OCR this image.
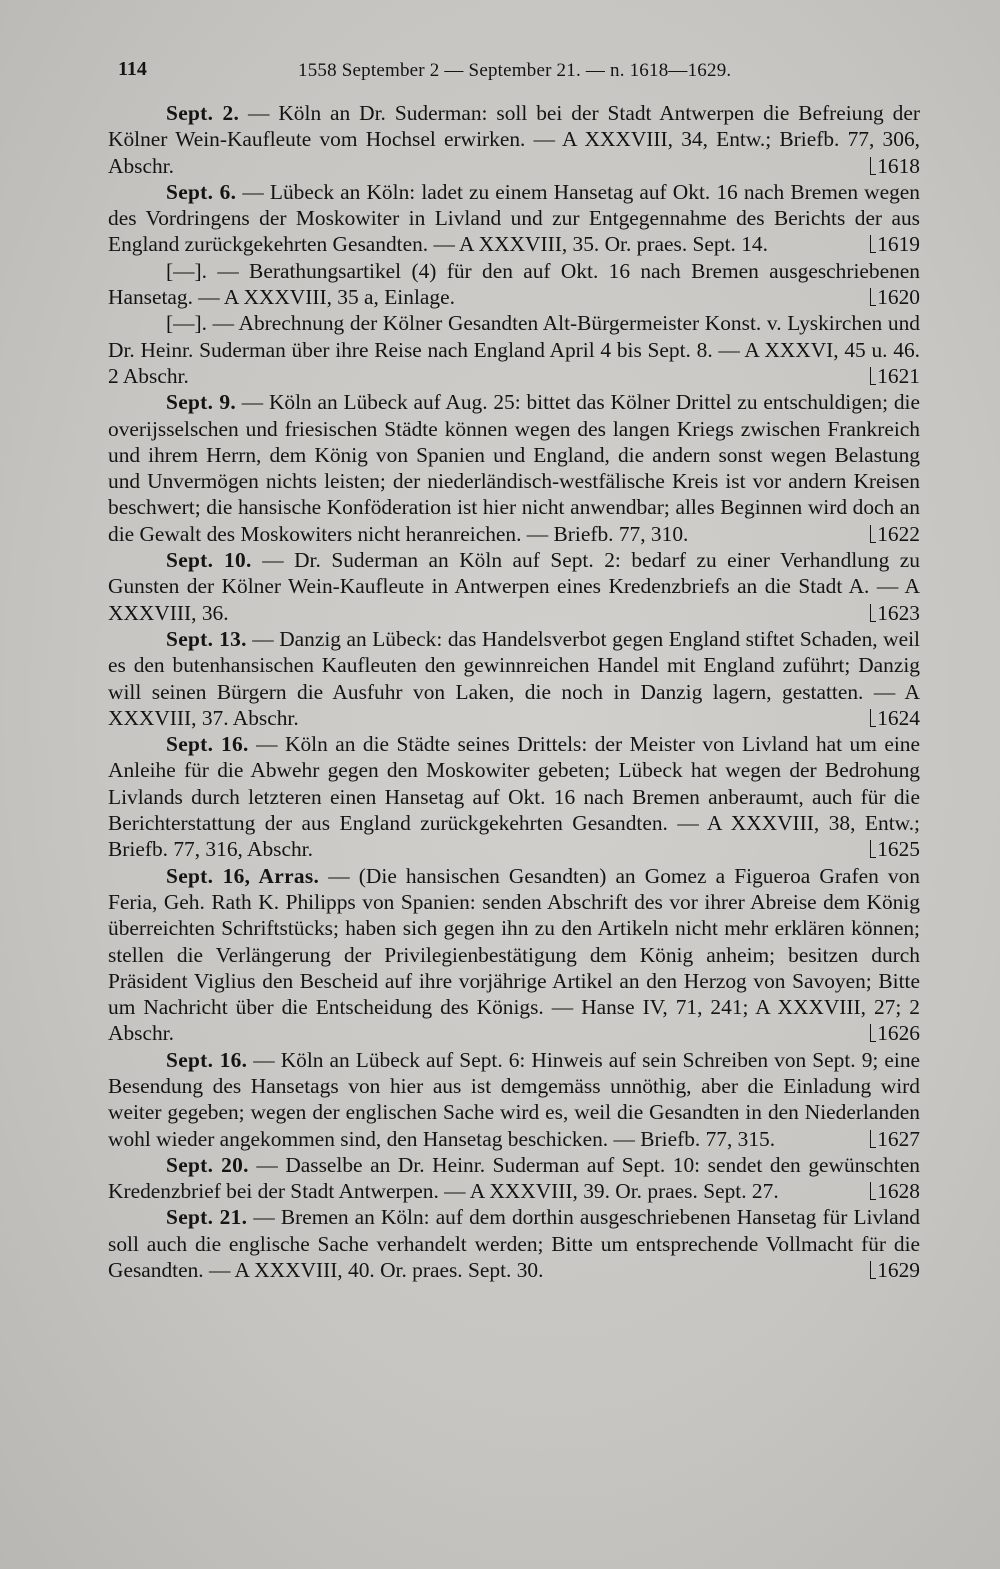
114	1558 September 2 — September 21. — n. 1618—1629.

Sept. 2. — Köln an Dr. Suderman: soll bei der Stadt Antwerpen die Befreiung der Kölner Wein-Kaufleute vom Hochsel erwirken. — A XXXVIII, 34, Entw.; Briefb. 77, 306, Abschr.	1618

Sept. 6. — Lübeck an Köln: ladet zu einem Hansetag auf Okt. 16 nach Bremen wegen des Vordringens der Moskowiter in Livland und zur Entgegennahme des Berichts der aus England zurückgekehrten Gesandten. — A XXXVIII, 35. Or. praes. Sept. 14.	1619

[—]. — Berathungsartikel (4) für den auf Okt. 16 nach Bremen ausgeschriebenen Hansetag. — A XXXVIII, 35 a, Einlage.	1620

[—]. — Abrechnung der Kölner Gesandten Alt-Bürgermeister Konst. v. Lyskirchen und Dr. Heinr. Suderman über ihre Reise nach England April 4 bis Sept. 8. — A XXXVI, 45 u. 46. 2 Abschr.	1621

Sept. 9. — Köln an Lübeck auf Aug. 25: bittet das Kölner Drittel zu entschuldigen; die overijsselschen und friesischen Städte können wegen des langen Kriegs zwischen Frankreich und ihrem Herrn, dem König von Spanien und England, die andern sonst wegen Belastung und Unvermögen nichts leisten; der niederländisch-westfälische Kreis ist vor andern Kreisen beschwert; die hansische Konföderation ist hier nicht anwendbar; alles Beginnen wird doch an die Gewalt des Moskowiters nicht heranreichen. — Briefb. 77, 310.	1622

Sept. 10. — Dr. Suderman an Köln auf Sept. 2: bedarf zu einer Verhandlung zu Gunsten der Kölner Wein-Kaufleute in Antwerpen eines Kredenzbriefs an die Stadt A. — A XXXVIII, 36.	1623

Sept. 13. — Danzig an Lübeck: das Handelsverbot gegen England stiftet Schaden, weil es den butenhansischen Kaufleuten den gewinnreichen Handel mit England zuführt; Danzig will seinen Bürgern die Ausfuhr von Laken, die noch in Danzig lagern, gestatten. — A XXXVIII, 37. Abschr.	1624

Sept. 16. — Köln an die Städte seines Drittels: der Meister von Livland hat um eine Anleihe für die Abwehr gegen den Moskowiter gebeten; Lübeck hat wegen der Bedrohung Livlands durch letzteren einen Hansetag auf Okt. 16 nach Bremen anberaumt, auch für die Berichterstattung der aus England zurückgekehrten Gesandten. — A XXXVIII, 38, Entw.; Briefb. 77, 316, Abschr.	1625

Sept. 16, Arras. — (Die hansischen Gesandten) an Gomez a Figueroa Grafen von Feria, Geh. Rath K. Philipps von Spanien: senden Abschrift des vor ihrer Abreise dem König überreichten Schriftstücks; haben sich gegen ihn zu den Artikeln nicht mehr erklären können; stellen die Verlängerung der Privilegienbestätigung dem König anheim; besitzen durch Präsident Viglius den Bescheid auf ihre vorjährige Artikel an den Herzog von Savoyen; Bitte um Nachricht über die Entscheidung des Königs. — Hanse IV, 71, 241; A XXXVIII, 27; 2 Abschr.	1626

Sept. 16. — Köln an Lübeck auf Sept. 6: Hinweis auf sein Schreiben von Sept. 9; eine Besendung des Hansetags von hier aus ist demgemäss unnöthig, aber die Einladung wird weiter gegeben; wegen der englischen Sache wird es, weil die Gesandten in den Niederlanden wohl wieder angekommen sind, den Hansetag beschicken. — Briefb. 77, 315.	1627

Sept. 20. — Dasselbe an Dr. Heinr. Suderman auf Sept. 10: sendet den gewünschten Kredenzbrief bei der Stadt Antwerpen. — A XXXVIII, 39. Or. praes. Sept. 27.	1628

Sept. 21. — Bremen an Köln: auf dem dorthin ausgeschriebenen Hansetag für Livland soll auch die englische Sache verhandelt werden; Bitte um entsprechende Vollmacht für die Gesandten. — A XXXVIII, 40. Or. praes. Sept. 30.	1629
